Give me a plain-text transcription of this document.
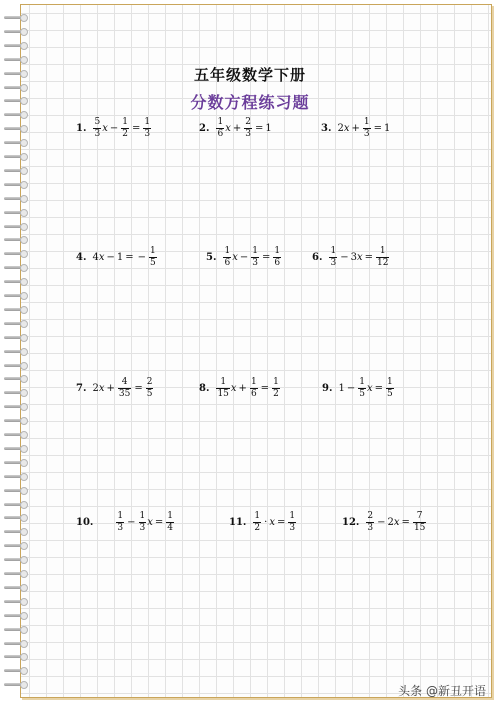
五年级数学下册
分数方程练习题
1. $\frac{5}{3}$ $x - \frac{1}{2} = \frac{1}{3}$	2. $\frac{1}{6}$ $x + \frac{2}{3} = 1$	3. 2 $x + \frac{1}{3} = 1$
4. 4 x − 1 = − $\frac{1}{5}$	5. $\frac{1}{6}$ $x - \frac{1}{3} = \frac{1}{6}$	6. $\frac{1}{3} - 3$ $x = \frac{1}{12}$
7. 2 $x + \frac{4}{35} = \frac{2}{5}$	8. $\frac{1}{15}$ $x + \frac{1}{6} = \frac{1}{2}$	9. $1 - \frac{1}{5}$ $x = \frac{1}{5}$
10.	$\frac{1}{3} - \frac{1}{3}$ $x = \frac{1}{4}$	11. $\frac{1}{2} \cdot x = \frac{1}{3}$	12. $\frac{2}{3} - 2$ $x = \frac{7}{15}$
头条 @新丑开语
